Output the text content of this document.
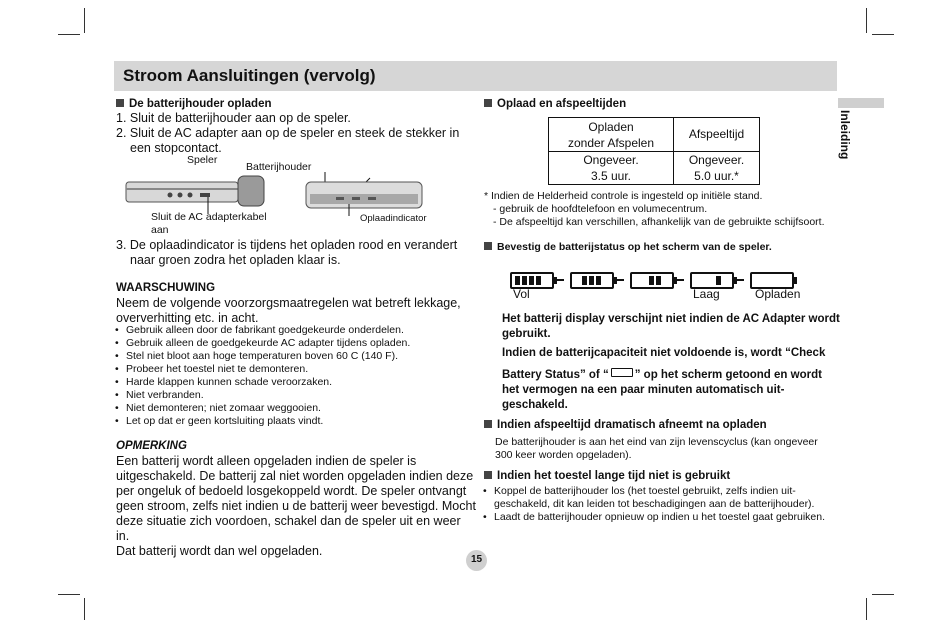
Stroom Aansluitingen (vervolg)
Inleiding
De batterijhouder opladen
1. Sluit de batterijhouder aan op de speler.
2. Sluit de AC adapter aan op de speler en steek de stekker in
een stopcontact.
Speler
Batterijhouder
Sluit de AC adapterkabel
aan
Oplaadindicator
3. De oplaadindicator is tijdens het opladen rood en verandert
naar groen zodra het opladen klaar is.
WAARSCHUWING
Neem de volgende voorzorgsmaatregelen wat betreft lekkage,
oververhitting etc. in acht.
• Gebruik alleen door de fabrikant goedgekeurde onderdelen.
• Gebruik alleen de goedgekeurde AC adapter tijdens opladen.
• Stel niet bloot aan hoge temperaturen boven 60 C (140 F).
• Probeer het toestel niet te demonteren.
• Harde klappen kunnen schade veroorzaken.
• Niet verbranden.
• Niet demonteren; niet zomaar weggooien.
• Let op dat er geen kortsluiting plaats vindt.
OPMERKING
Een batterij wordt alleen opgeladen indien de speler is
uitgeschakeld. De batterij zal niet worden opgeladen indien deze
per ongeluk of bedoeld losgekoppeld wordt. De speler ontvangt
geen stroom, zelfs niet indien u de batterij weer bevestigd. Mocht
deze situatie zich voordoen, schakel dan de speler uit en weer in.
Dat batterij wordt dan wel opgeladen.
Oplaad en afspeeltijden
Opladen
zonder Afspelen
Afspeeltijd
Ongeveer.
3.5 uur.
Ongeveer.
5.0 uur.*
* Indien de Helderheid controle is ingesteld op initiële stand.
- gebruik de hoofdtelefoon en volumecentrum.
- De afspeeltijd kan verschillen, afhankelijk van de gebruikte schijfsoort.
Bevestig de batterijstatus op het scherm van de speler.
Vol	Laag	Opladen
Het batterij display verschijnt niet indien de AC Adapter wordt
gebruikt.
Indien de batterijcapaciteit niet voldoende is, wordt “Check
Battery Status” of “ ” op het scherm getoond en wordt
het vermogen na een paar minuten automatisch uit-
geschakeld.
Indien afspeeltijd dramatisch afneemt na opladen
De batterijhouder is aan het eind van zijn levenscyclus (kan ongeveer
300 keer worden opgeladen).
Indien het toestel lange tijd niet is gebruikt
• Koppel de batterijhouder los (het toestel gebruikt, zelfs indien uit-
geschakeld, dit kan leiden tot beschadigingen aan de batterijhouder).
• Laadt de batterijhouder opnieuw op indien u het toestel gaat gebruiken.
15
